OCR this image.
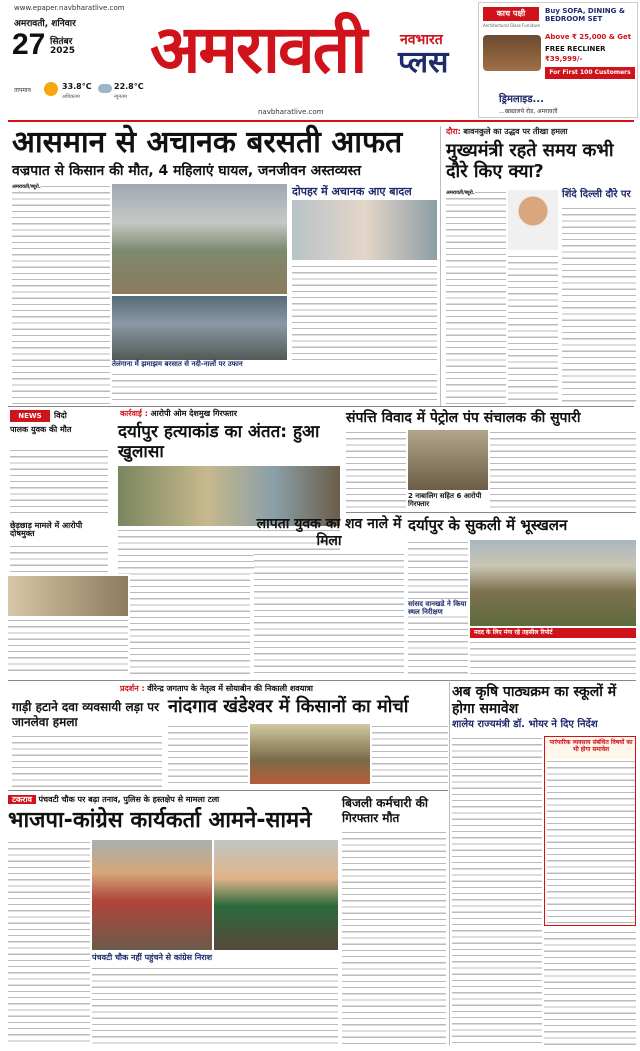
www.epaper.navbharatlive.com
अमरावती, शनिवार
27 सितंबर
2025
तापमान	33.8°C
अधिकतम
22.8°C
न्यूनतम
अमरावती नवभारत
प्लस
navbharatlive.com
काच पक्षी
Architectural Glass Furniture
Buy SOFA, DINING & BEDROOM SET
Above ₹ 25,000 & Get
FREE RECLINER
₹39,999/-
For First 100 Customers
ड्रिमलाइड...
...खाद्यालये रोड, अमरावती
आसमान से अचानक बरसती आफत
वज्रपात से किसान की मौत, 4 महिलाएं घायल, जनजीवन अस्तव्यस्त
अमरावती/ब्यूरो.
तेलंगाना में झमाझम बरसात से नदी-नालों पर उफान
दोपहर में अचानक आए बादल
दौरा: बावनकुले का उद्धव पर तीखा हमला
मुख्यमंत्री रहते समय कभी दौरे किए क्या?
अमरावती/ब्यूरो.	शिंदे दिल्ली दौरे पर
NEWS	विदो
पालक युवक की मौत
छेड़छाड़ मामले में आरोपी दोषमुक्त
कार्रवाई : आरोपी ओम देशमुख गिरफ्तार
दर्यापुर हत्याकांड का अंतत: हुआ खुलासा
संपत्ति विवाद में पेट्रोल पंप संचालक की सुपारी
2 नाबालिग सहित 6 आरोपी गिरफ्तार
लापता युवक का शव नाले में मिला
दर्यापुर के सुकली में भूस्खलन
मदद के लिए मंगा रहे तहसील रिपोर्ट
सांसद वानखडे ने किया स्थल निरीक्षण
प्रदर्शन : वीरेन्द्र जगताप के नेतृत्व में सोयाबीन की निकाली शवयात्रा
नांदगाव खंडेश्वर में किसानों का मोर्चा
गाड़ी हटाने दवा व्यवसायी लड़ा पर जानलेवा हमला
अब कृषि पाठ्यक्रम का स्कूलों में होगा समावेश
शालेय राज्यमंत्री डॉ. भोयर ने दिए निर्देश
पारंपारिक व्यवसाय संबंधित विषयों का भी होगा समावेश
टकराव पंचवटी चौक पर बढ़ा तनाव, पुलिस के हस्तक्षेप से मामला टला
भाजपा-कांग्रेस कार्यकर्ता आमने-सामने
पंचवटी चौक नहीं पहुंचने से कांग्रेस निराश
बिजली कर्मचारी की गिरफ्तार मौत
